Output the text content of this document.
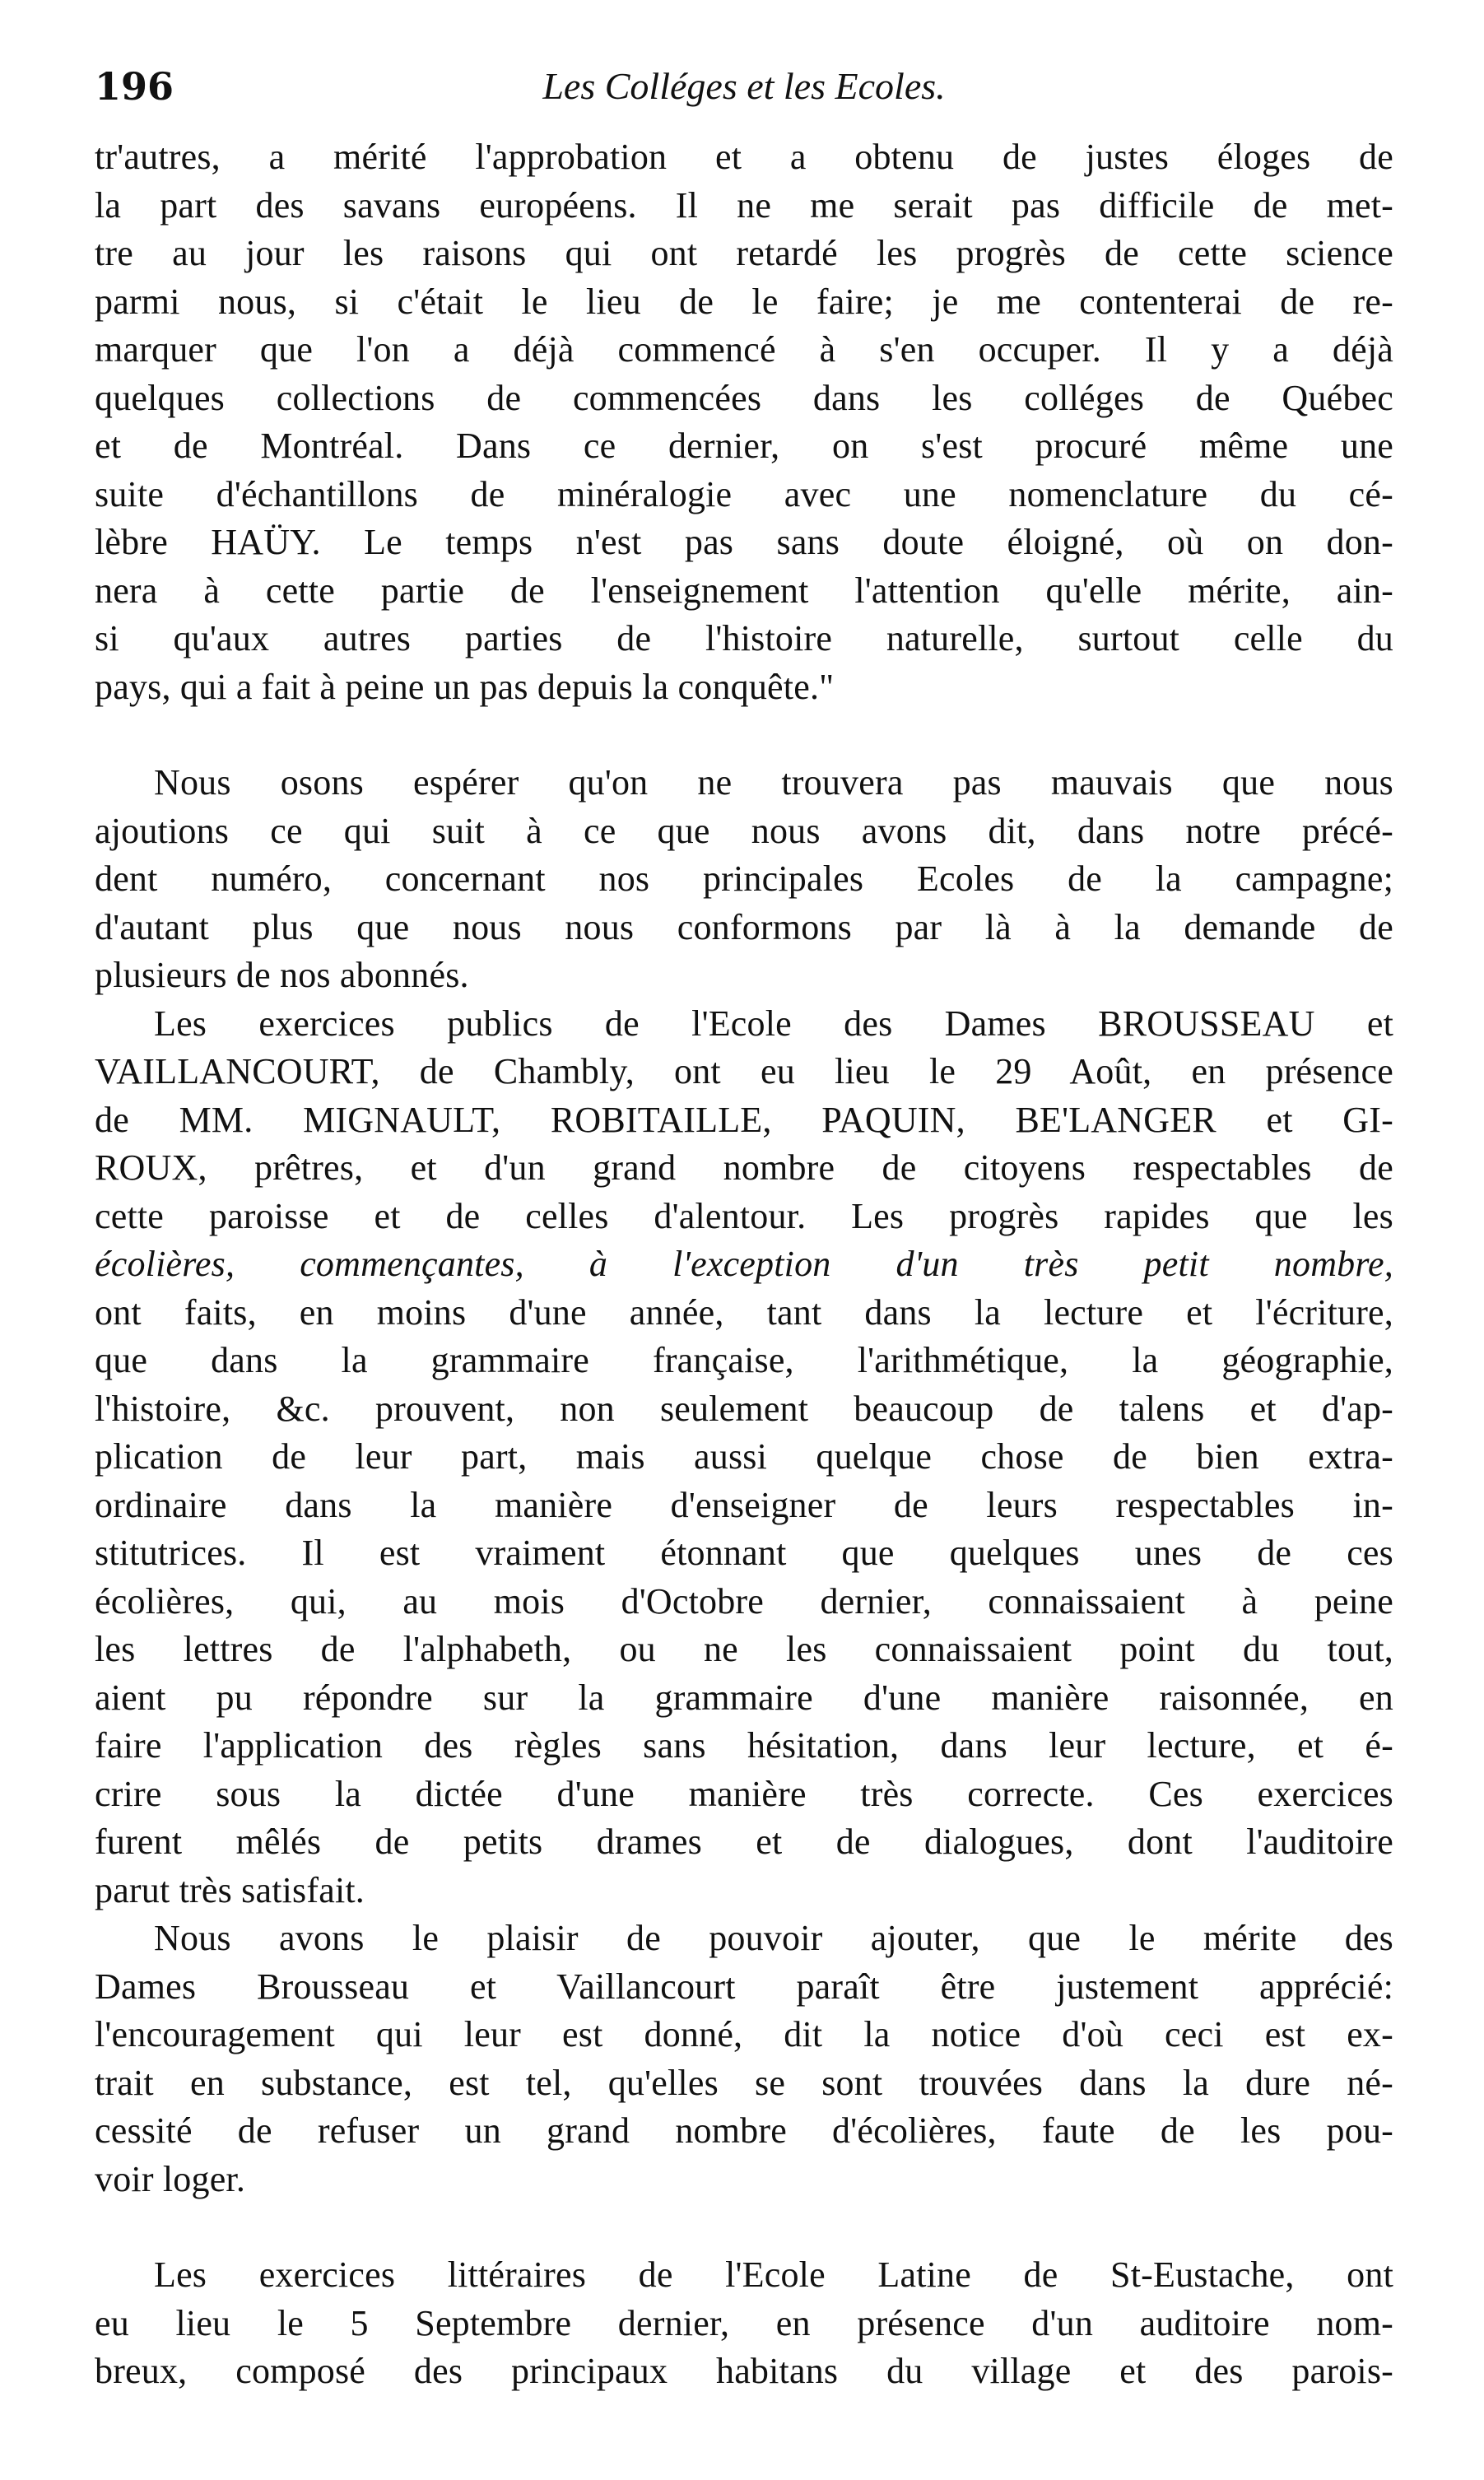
196	Les Colléges et les Ecoles.
tr'autres, a mérité l'approbation et a obtenu de justes éloges de
la part des savans européens. Il ne me serait pas difficile de met-
tre au jour les raisons qui ont retardé les progrès de cette science
parmi nous, si c'était le lieu de le faire; je me contenterai de re-
marquer que l'on a déjà commencé à s'en occuper. Il y a déjà
quelques collections de commencées dans les colléges de Québec
et de Montréal. Dans ce dernier, on s'est procuré même une
suite d'échantillons de minéralogie avec une nomenclature du cé-
lèbre HAÜY. Le temps n'est pas sans doute éloigné, où on don-
nera à cette partie de l'enseignement l'attention qu'elle mérite, ain-
si qu'aux autres parties de l'histoire naturelle, surtout celle du
pays, qui a fait à peine un pas depuis la conquête."
Nous osons espérer qu'on ne trouvera pas mauvais que nous
ajoutions ce qui suit à ce que nous avons dit, dans notre précé-
dent numéro, concernant nos principales Ecoles de la campagne;
d'autant plus que nous nous conformons par là à la demande de
plusieurs de nos abonnés.
Les exercices publics de l'Ecole des Dames BROUSSEAU et
VAILLANCOURT, de Chambly, ont eu lieu le 29 Août, en présence
de MM. MIGNAULT, ROBITAILLE, PAQUIN, BE'LANGER et GI-
ROUX, prêtres, et d'un grand nombre de citoyens respectables de
cette paroisse et de celles d'alentour. Les progrès rapides que les
écolières, commençantes, à l'exception d'un très petit nombre,
ont faits, en moins d'une année, tant dans la lecture et l'écriture,
que dans la grammaire française, l'arithmétique, la géographie,
l'histoire, &c. prouvent, non seulement beaucoup de talens et d'ap-
plication de leur part, mais aussi quelque chose de bien extra-
ordinaire dans la manière d'enseigner de leurs respectables in-
stitutrices. Il est vraiment étonnant que quelques unes de ces
écolières, qui, au mois d'Octobre dernier, connaissaient à peine
les lettres de l'alphabeth, ou ne les connaissaient point du tout,
aient pu répondre sur la grammaire d'une manière raisonnée, en
faire l'application des règles sans hésitation, dans leur lecture, et é-
crire sous la dictée d'une manière très correcte. Ces exercices
furent mêlés de petits drames et de dialogues, dont l'auditoire
parut très satisfait.
Nous avons le plaisir de pouvoir ajouter, que le mérite des
Dames Brousseau et Vaillancourt paraît être justement apprécié:
l'encouragement qui leur est donné, dit la notice d'où ceci est ex-
trait en substance, est tel, qu'elles se sont trouvées dans la dure né-
cessité de refuser un grand nombre d'écolières, faute de les pou-
voir loger.
Les exercices littéraires de l'Ecole Latine de St-Eustache, ont
eu lieu le 5 Septembre dernier, en présence d'un auditoire nom-
breux, composé des principaux habitans du village et des parois-
